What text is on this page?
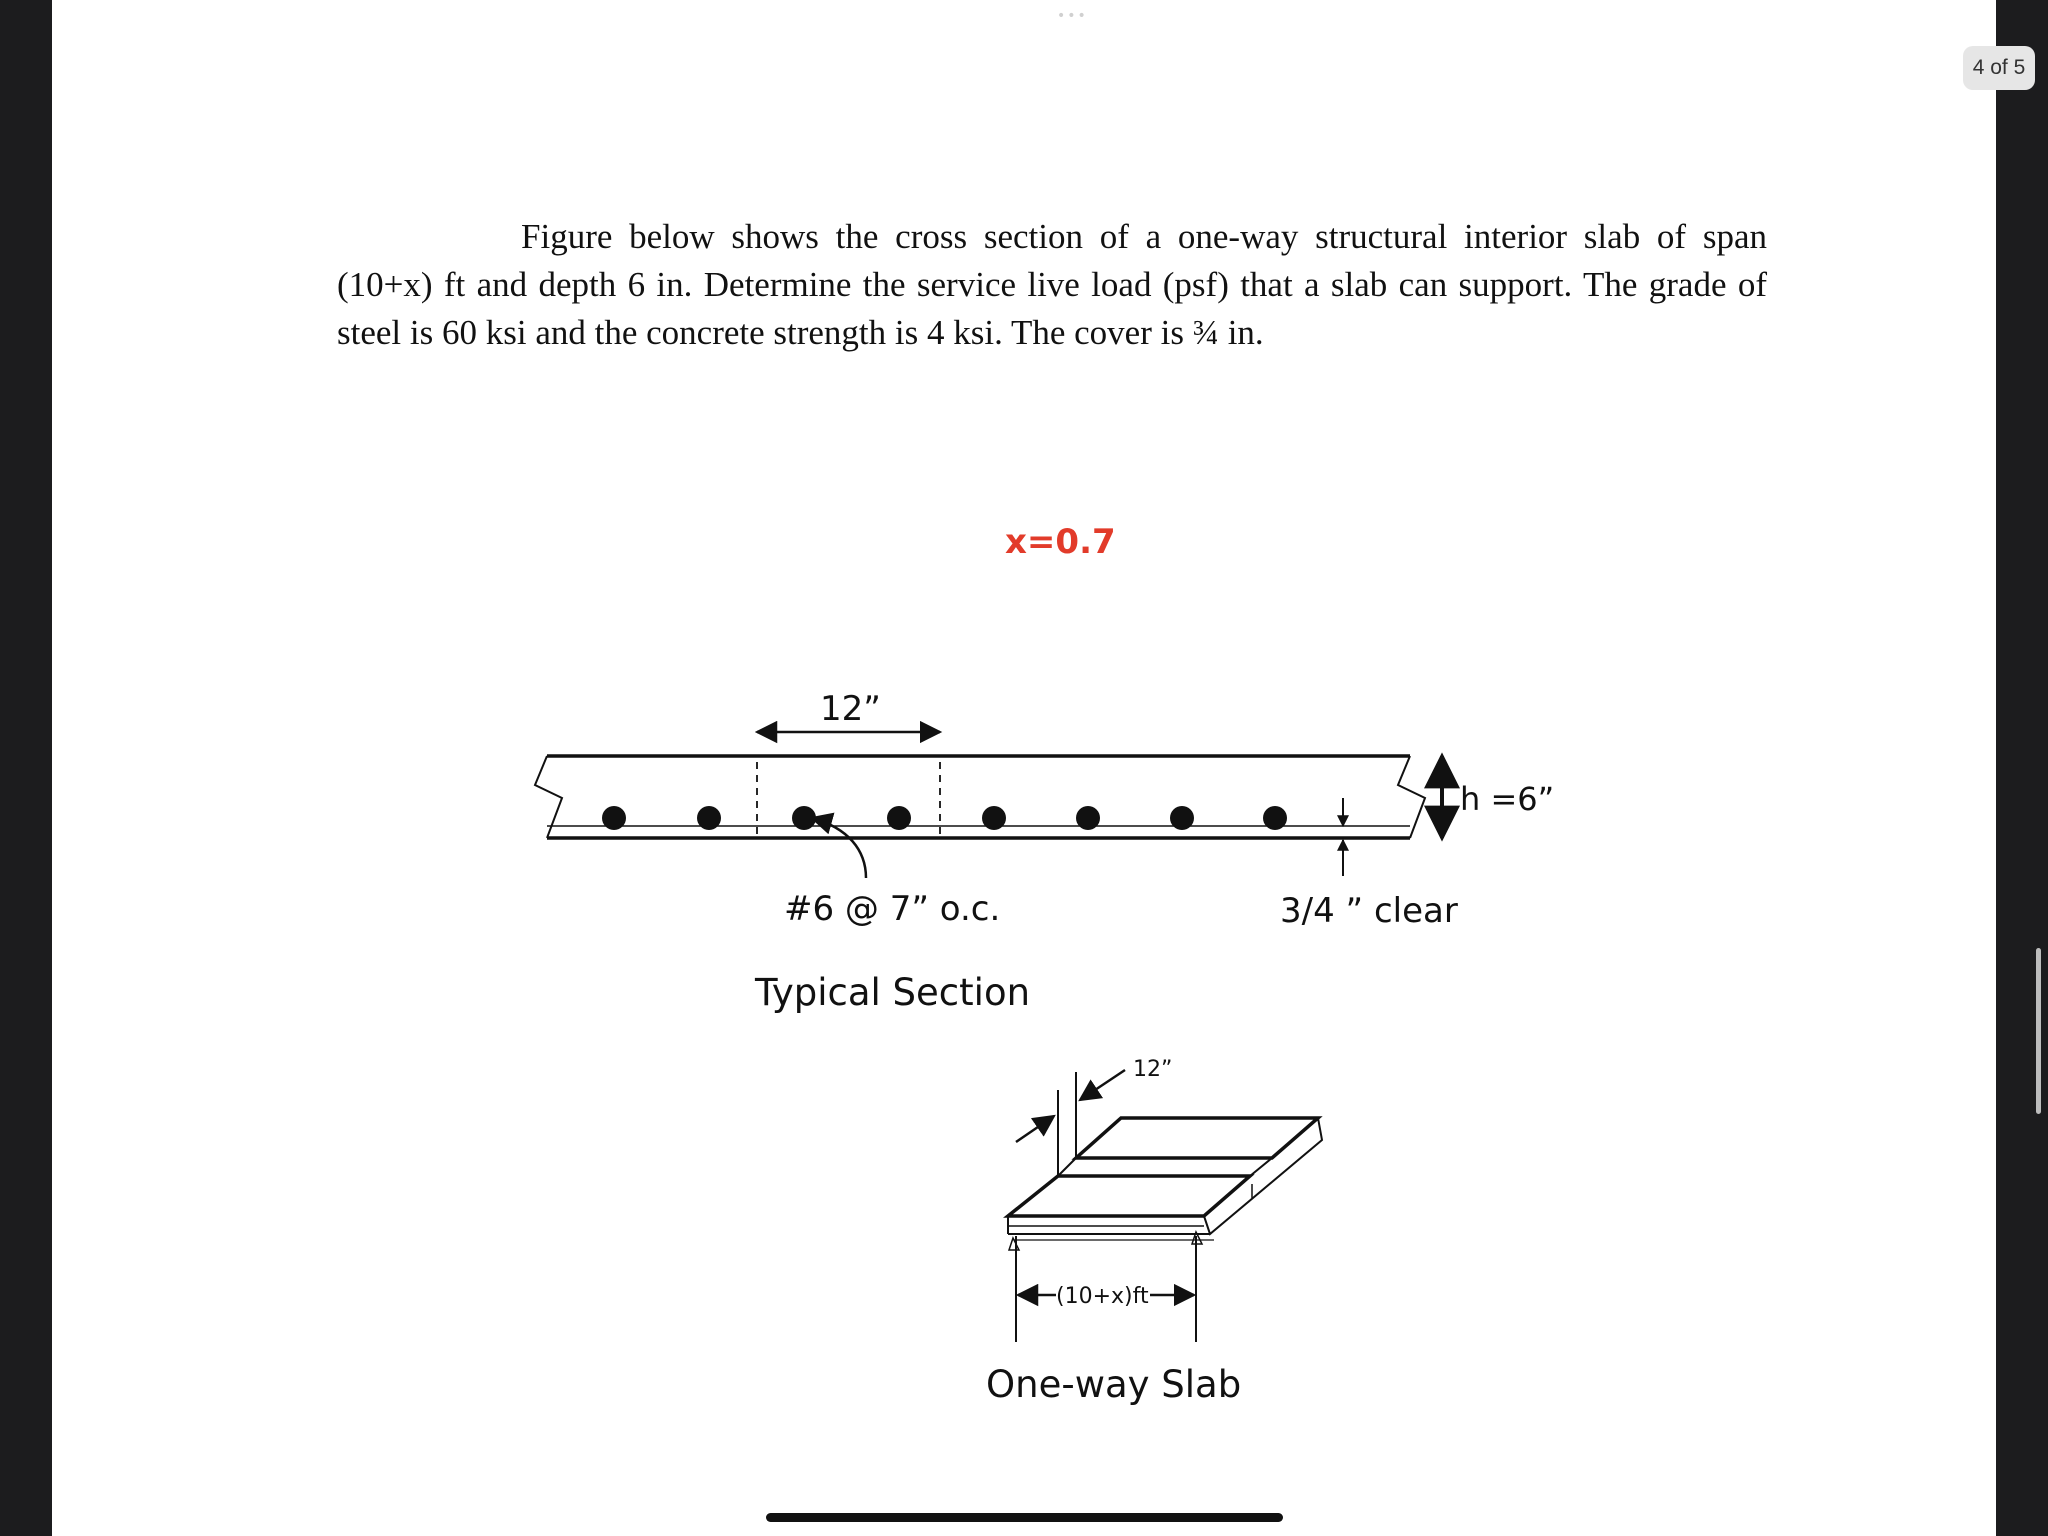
•••
4 of 5

Figure below shows the cross section of a one-way structural interior slab of span (10+x) ft and depth 6 in. Determine the service live load (psf) that a slab can support. The grade of steel is 60 ksi and the concrete strength is 4 ksi. The cover is ¾ in.

x=0.7
12”
h =6”
#6 @ 7” o.c.	3/4 ” clear
Typical Section
12”
(10+x)ft
One-way Slab
